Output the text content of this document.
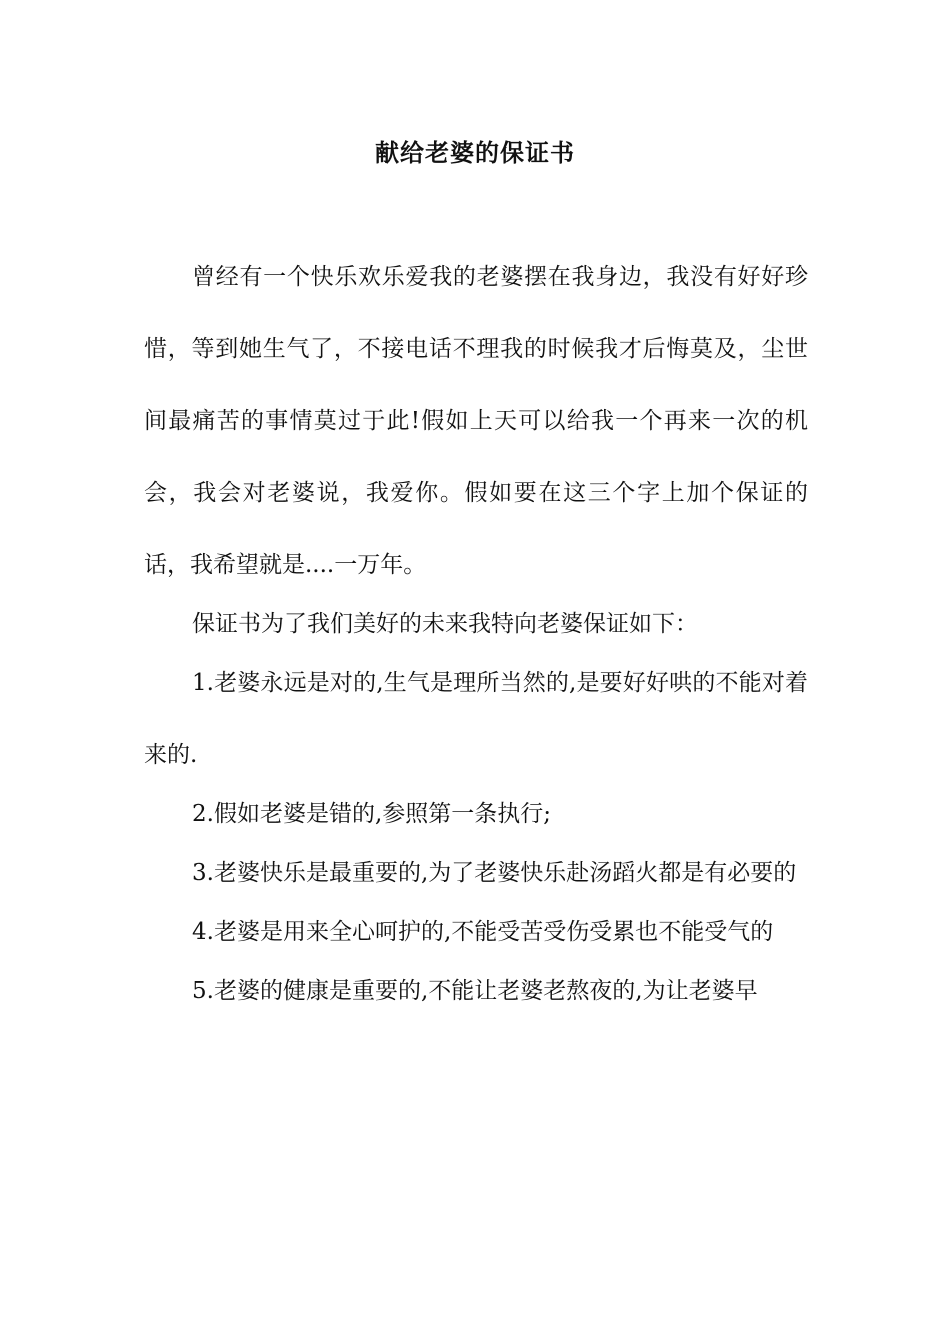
献给老婆的保证书

曾经有一个快乐欢乐爱我的老婆摆在我身边，我没有好好珍惜，等到她生气了，不接电话不理我的时候我才后悔莫及，尘世间最痛苦的事情莫过于此!假如上天可以给我一个再来一次的机会，我会对老婆说，我爱你。假如要在这三个字上加个保证的话，我希望就是....一万年。

保证书为了我们美好的未来我特向老婆保证如下：

1.老婆永远是对的,生气是理所当然的,是要好好哄的不能对着来的.

2.假如老婆是错的,参照第一条执行;

3.老婆快乐是最重要的,为了老婆快乐赴汤蹈火都是有必要的

4.老婆是用来全心呵护的,不能受苦受伤受累也不能受气的

5.老婆的健康是重要的,不能让老婆老熬夜的,为让老婆早
